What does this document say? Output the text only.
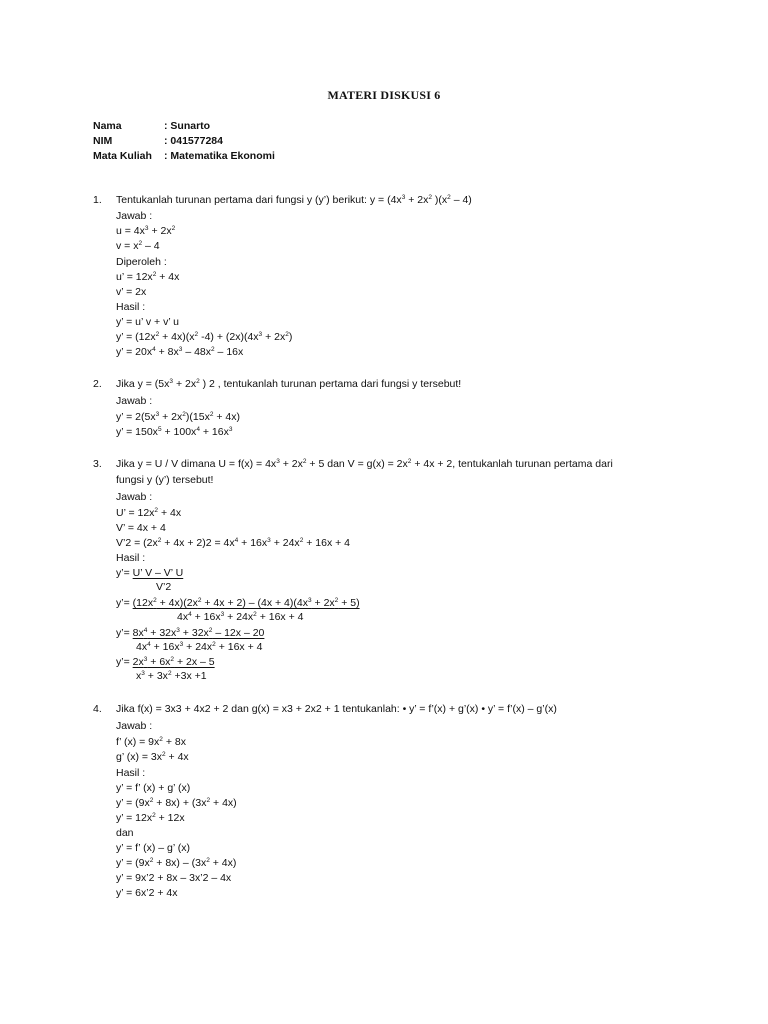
MATERI DISKUSI 6
Nama	: Sunarto
NIM	: 041577284
Mata Kuliah : Matematika Ekonomi
1. Tentukanlah turunan pertama dari fungsi y (y’) berikut: $y = (4x^3 + 2x^2$ )$(x^2 - 4)$
Jawab :
$u = 4x^3 + 2x^2$
$v = x^2 - 4$
Diperoleh :
u’ = $12x^2 + 4x$
v’ = 2x
Hasil :
y’ = u’ v + v’ u
y’ = $(12x^2 + 4x)(x^2$ $-4) + (2x)(4x^3 + 2x^2)$
y’ = $20x^4 + 8x^3 - 48x^2 - 16x$
2. Jika $y = (5x^3 + 2x^2$ ) 2 , tentukanlah turunan pertama dari fungsi y tersebut!
Jawab :
y’ = $2(5x^3 + 2x^2)(15x^2 + 4x)$
y’ = $150x^5 + 100x^4 + 16x^3$
3. Jika y = U / V dimana $U = f(x) = 4x^3 + 2x^2 + 5$ dan $V = g(x) = 2x^2 + 4x + 2$, tentukanlah turunan pertama dari
fungsi y (y’) tersebut!
Jawab :
U’ = $12x^2 + 4x$
V’ = 4x + 4
V’2 = $(2x^2 + 4x + 2)2 = 4x^4 + 16x^3 + 24x^2 + 16x + 4$
Hasil :
y’= U’ V – V’ U
V’2
y’= $(12x^2 + 4x)(2x^2 + 4x + 2) - (4x + 4)(4x^3 + 2x^2 + 5)$
$4x^4 + 16x^3 + 24x^2 + 16x + 4$
y’= $8x^4 + 32x^3 + 32x^2 - 12x - 20$
$4x^4 + 16x^3 + 24x^2 + 16x + 4$
y’= $2x^3 + 6x^2 + 2x - 5$
$x^3 + 3x^2 +3x +1$
4. Jika f(x) = 3x3 + 4x2 + 2 dan g(x) = x3 + 2x2 + 1 tentukanlah: • y’ = f’(x) + g’(x) • y’ = f’(x) – g’(x)
Jawab :
f’ $(x) = 9x^2 + 8x$
g’ $(x) = 3x^2 + 4x$
Hasil :
y’ = f’ (x) + g’ (x)
y’ = $(9x^2 + 8x) + (3x^2 + 4x)$
y’ = $12x^2 + 12x$
dan
y’ = f’ (x) – g’ (x)
y’ = $(9x^2 + 8x) - (3x^2 + 4x)$
y’ = 9x’2 + 8x – 3x’2 – 4x
y’ = 6x’2 + 4x
